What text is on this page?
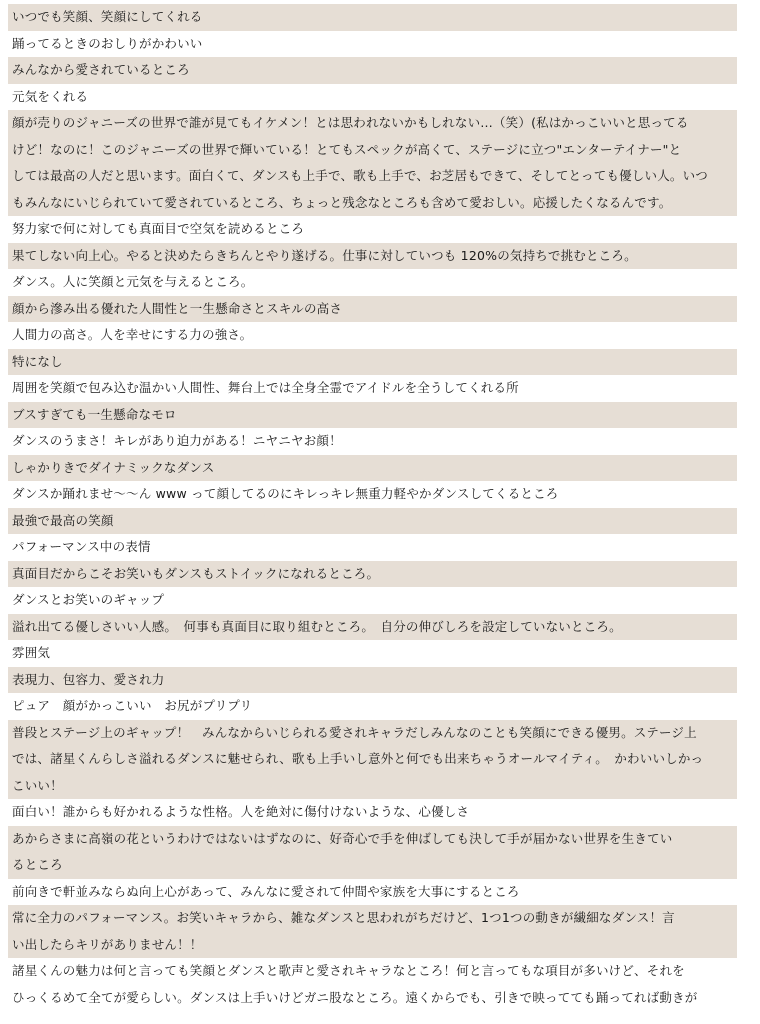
いつでも笑顔、笑顔にしてくれる
踊ってるときのおしりがかわいい
みんなから愛されているところ
元気をくれる
顔が売りのジャニーズの世界で誰が見てもイケメン！とは思われないかもしれない…（笑）(私はかっこいいと思ってる
けど！なのに！このジャニーズの世界で輝いている！とてもスペックが高くて、ステージに立つ"エンターテイナー"と
しては最高の人だと思います。面白くて、ダンスも上手で、歌も上手で、お芝居もできて、そしてとっても優しい人。いつ
もみんなにいじられていて愛されているところ、ちょっと残念なところも含めて愛おしい。応援したくなるんです。
努力家で何に対しても真面目で空気を読めるところ
果てしない向上心。やると決めたらきちんとやり遂げる。仕事に対していつも 120%の気持ちで挑むところ。
ダンス。人に笑顔と元気を与えるところ。
顔から滲み出る優れた人間性と一生懸命さとスキルの高さ
人間力の高さ。人を幸せにする力の強さ。
特になし
周囲を笑顔で包み込む温かい人間性、舞台上では全身全霊でアイドルを全うしてくれる所
ブスすぎても一生懸命なモロ
ダンスのうまさ！キレがあり迫力がある！ニヤニヤお顔！
しゃかりきでダイナミックなダンス
ダンスか踊れませ～～ん www って顔してるのにキレっキレ無重力軽やかダンスしてくるところ
最強で最高の笑顔
パフォーマンス中の表情
真面目だからこそお笑いもダンスもストイックになれるところ。
ダンスとお笑いのギャップ
溢れ出てる優しさいい人感。　何事も真面目に取り組むところ。　自分の伸びしろを設定していないところ。
雰囲気
表現力、包容力、愛され力
ピュア　顔がかっこいい　お尻がプリプリ
普段とステージ上のギャップ！　みんなからいじられる愛されキャラだしみんなのことも笑顔にできる優男。ステージ上
では、諸星くんらしさ溢れるダンスに魅せられ、歌も上手いし意外と何でも出来ちゃうオールマイティ。　かわいいしかっ
こいい！
面白い！誰からも好かれるような性格。人を絶対に傷付けないような、心優しさ
あからさまに高嶺の花というわけではないはずなのに、好奇心で手を伸ばしても決して手が届かない世界を生きてい
るところ
前向きで軒並みならぬ向上心があって、みんなに愛されて仲間や家族を大事にするところ
常に全力のパフォーマンス。お笑いキャラから、雑なダンスと思われがちだけど、1つ1つの動きが繊細なダンス！言
い出したらキリがありません！！
諸星くんの魅力は何と言っても笑顔とダンスと歌声と愛されキャラなところ！何と言ってもな項目が多いけど、それを
ひっくるめて全てが愛らしい。ダンスは上手いけどガニ股なところ。遠くからでも、引きで映ってても踊ってれば動きが
